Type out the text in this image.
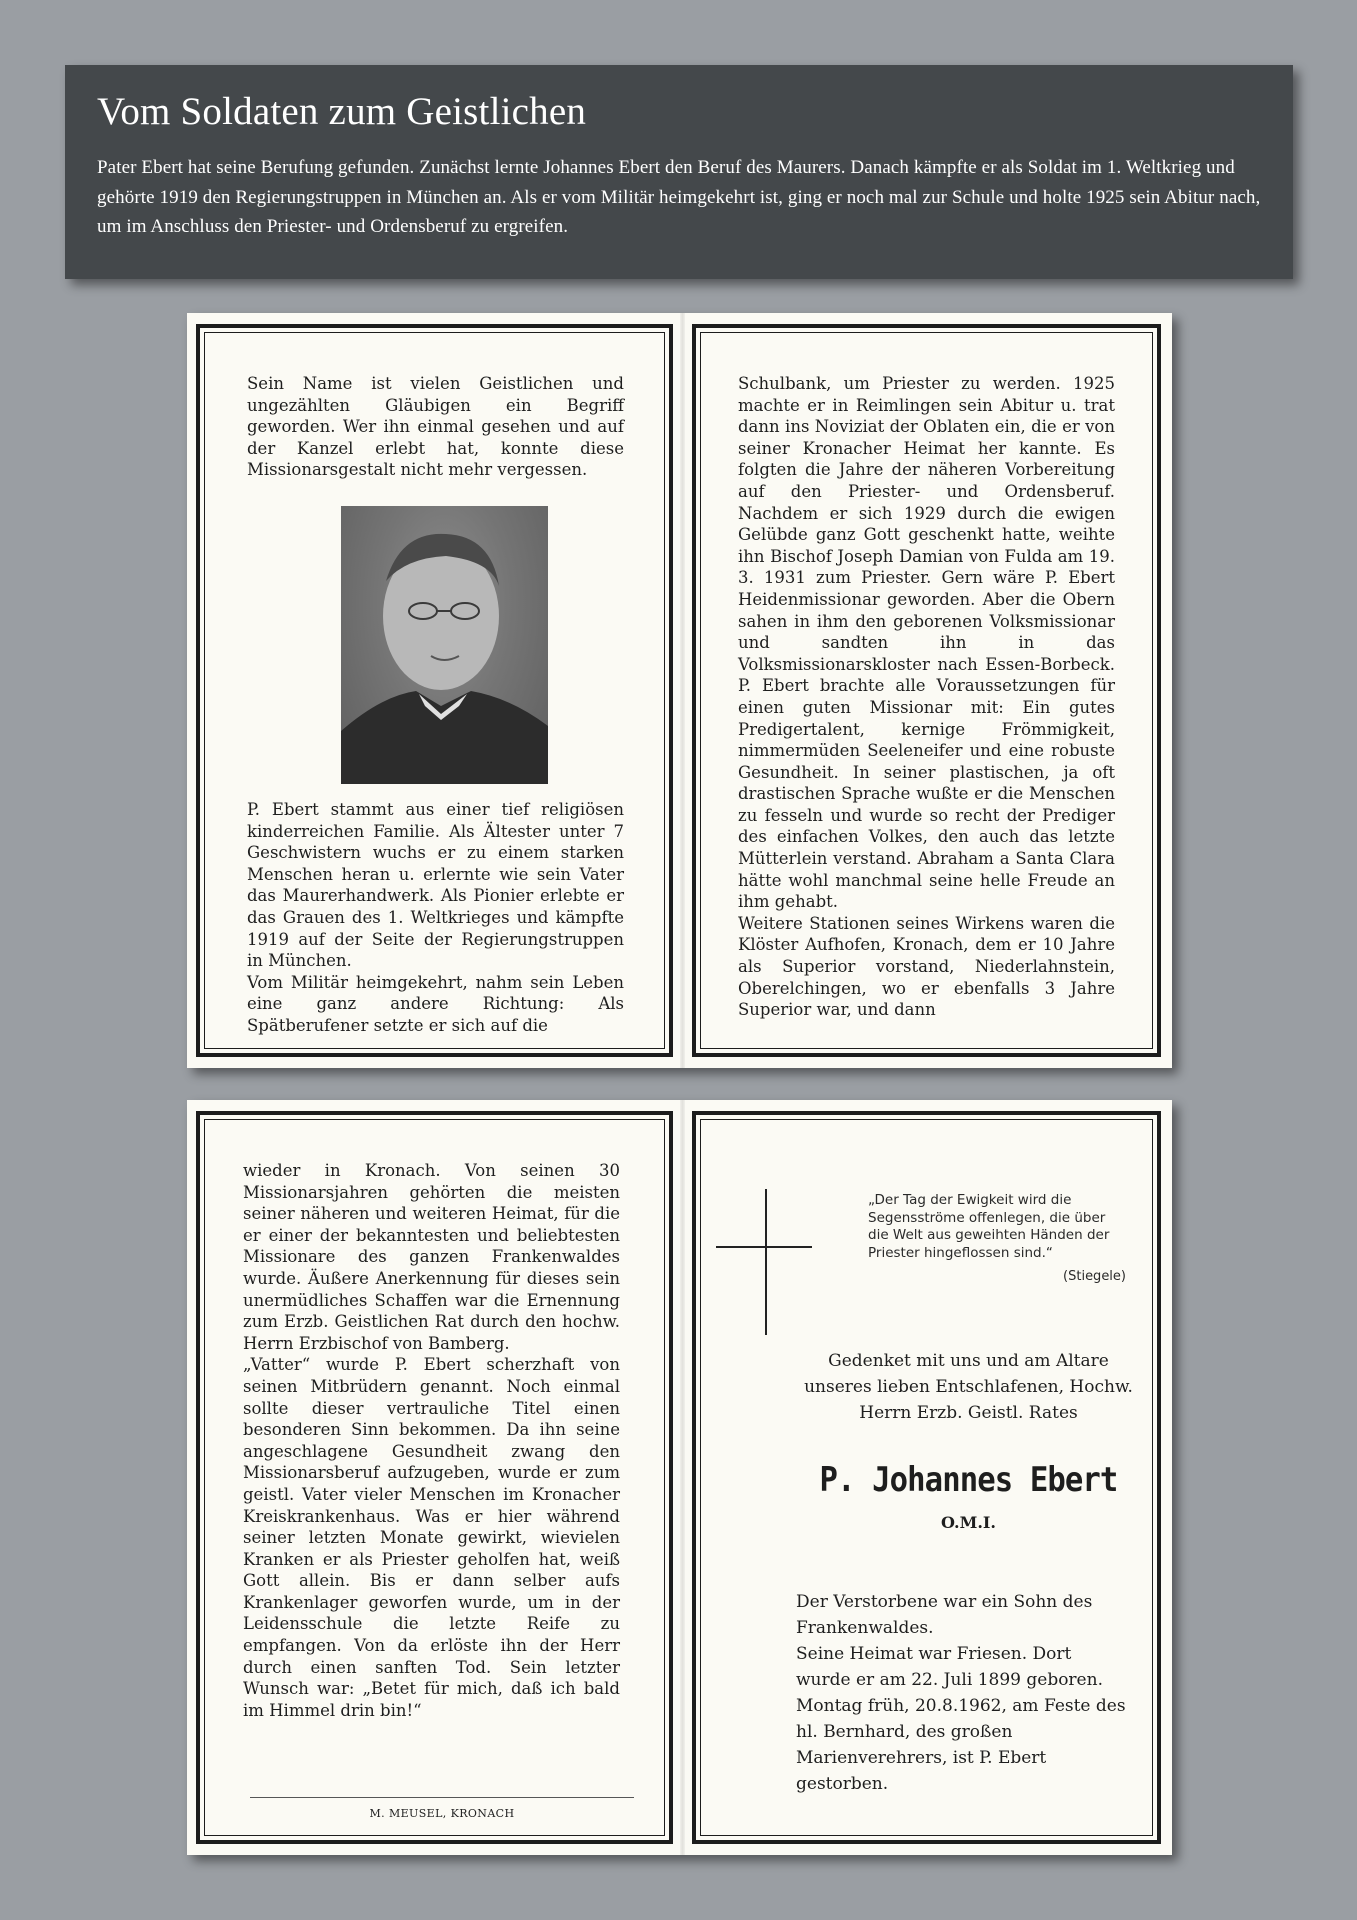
Vom Soldaten zum Geistlichen

Pater Ebert hat seine Berufung gefunden. Zunächst lernte Johannes Ebert den Beruf des Maurers. Danach kämpfte er als Soldat im 1. Weltkrieg und gehörte 1919 den Regierungstruppen in München an. Als er vom Militär heimgekehrt ist, ging er noch mal zur Schule und holte 1925 sein Abitur nach, um im Anschluss den Priester- und Ordensberuf zu ergreifen.

Sein Name ist vielen Geistlichen und ungezählten Gläubigen ein Begriff geworden. Wer ihn einmal gesehen und auf der Kanzel erlebt hat, konnte diese Missionarsgestalt nicht mehr vergessen.

P. Ebert stammt aus einer tief religiösen kinderreichen Familie. Als Ältester unter 7 Geschwistern wuchs er zu einem starken Menschen heran u. erlernte wie sein Vater das Maurerhandwerk. Als Pionier erlebte er das Grauen des 1. Weltkrieges und kämpfte 1919 auf der Seite der Regierungstruppen in München.

Vom Militär heimgekehrt, nahm sein Leben eine ganz andere Richtung: Als Spätberufener setzte er sich auf die

Schulbank, um Priester zu werden. 1925 machte er in Reimlingen sein Abitur u. trat dann ins Noviziat der Oblaten ein, die er von seiner Kronacher Heimat her kannte. Es folgten die Jahre der näheren Vorbereitung auf den Priester- und Ordensberuf. Nachdem er sich 1929 durch die ewigen Gelübde ganz Gott geschenkt hatte, weihte ihn Bischof Joseph Damian von Fulda am 19. 3. 1931 zum Priester. Gern wäre P. Ebert Heidenmissionar geworden. Aber die Obern sahen in ihm den geborenen Volksmissionar und sandten ihn in das Volksmissionarskloster nach Essen-Borbeck. P. Ebert brachte alle Voraussetzungen für einen guten Missionar mit: Ein gutes Predigertalent, kernige Frömmigkeit, nimmermüden Seeleneifer und eine robuste Gesundheit. In seiner plastischen, ja oft drastischen Sprache wußte er die Menschen zu fesseln und wurde so recht der Prediger des einfachen Volkes, den auch das letzte Mütterlein verstand. Abraham a Santa Clara hätte wohl manchmal seine helle Freude an ihm gehabt.

Weitere Stationen seines Wirkens waren die Klöster Aufhofen, Kronach, dem er 10 Jahre als Superior vorstand, Niederlahnstein, Oberelchingen, wo er ebenfalls 3 Jahre Superior war, und dann

wieder in Kronach. Von seinen 30 Missionarsjahren gehörten die meisten seiner näheren und weiteren Heimat, für die er einer der bekanntesten und beliebtesten Missionare des ganzen Frankenwaldes wurde. Äußere Anerkennung für dieses sein unermüdliches Schaffen war die Ernennung zum Erzb. Geistlichen Rat durch den hochw. Herrn Erzbischof von Bamberg.

„Vatter“ wurde P. Ebert scherzhaft von seinen Mitbrüdern genannt. Noch einmal sollte dieser vertrauliche Titel einen besonderen Sinn bekommen. Da ihn seine angeschlagene Gesundheit zwang den Missionarsberuf aufzugeben, wurde er zum geistl. Vater vieler Menschen im Kronacher Kreiskrankenhaus. Was er hier während seiner letzten Monate gewirkt, wievielen Kranken er als Priester geholfen hat, weiß Gott allein. Bis er dann selber aufs Krankenlager geworfen wurde, um in der Leidensschule die letzte Reife zu empfangen. Von da erlöste ihn der Herr durch einen sanften Tod. Sein letzter Wunsch war: „Betet für mich, daß ich bald im Himmel drin bin!“

M. MEUSEL, KRONACH
„Der Tag der Ewigkeit wird die Segensströme offenlegen, die über die Welt aus geweihten Händen der Priester hingeflossen sind.“
(Stiegele)
Gedenket mit uns und am Altare unseres lieben Entschlafenen, Hochw. Herrn Erzb. Geistl. Rates
P. Johannes Ebert
O.M.I.

Der Verstorbene war ein Sohn des Frankenwaldes.

Seine Heimat war Friesen. Dort wurde er am 22. Juli 1899 geboren. Montag früh, 20.8.1962, am Feste des hl. Bernhard, des großen Marienverehrers, ist P. Ebert gestorben.
